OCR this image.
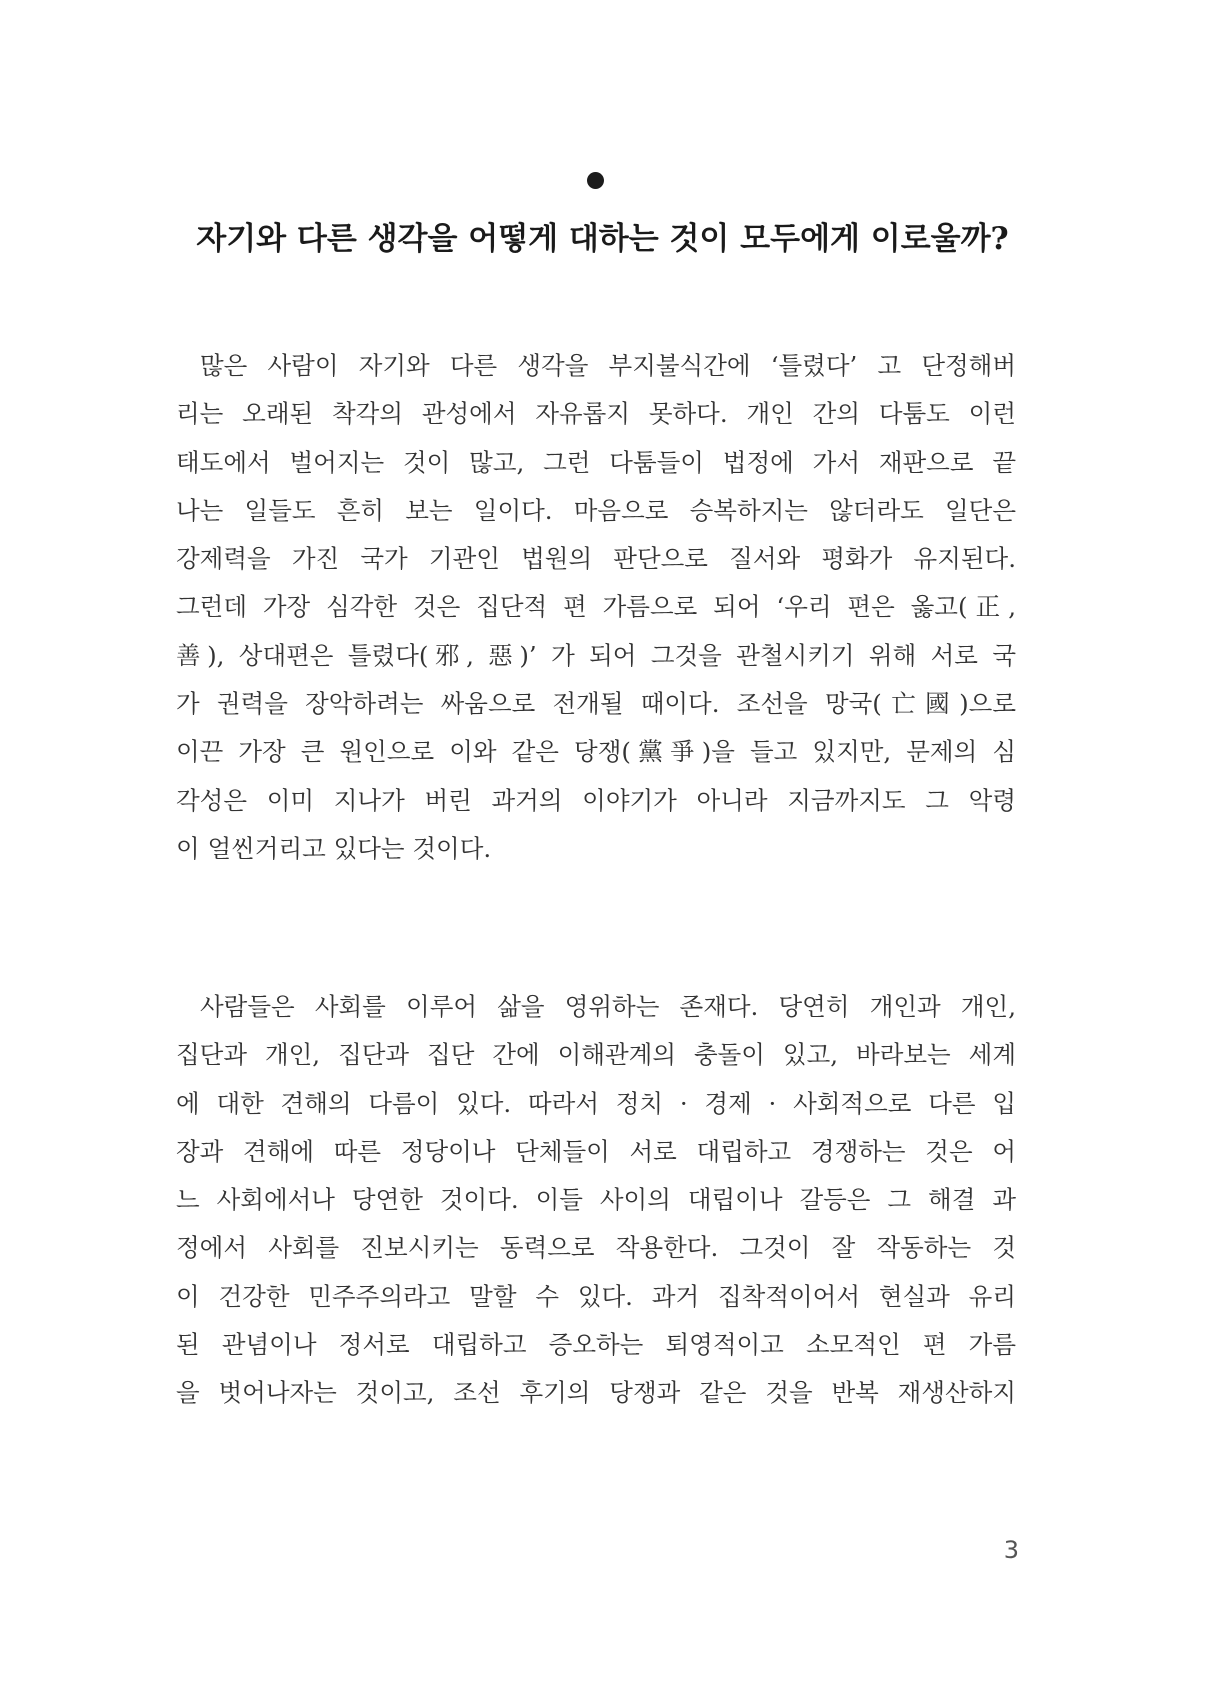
자기와 다른 생각을 어떻게 대하는 것이 모두에게 이로울까?
많은 사람이 자기와 다른 생각을 부지불식간에 ‘틀렸다’ 고 단정해버
리는 오래된 착각의 관성에서 자유롭지 못하다. 개인 간의 다툼도 이런
태도에서 벌어지는 것이 많고, 그런 다툼들이 법정에 가서 재판으로 끝
나는 일들도 흔히 보는 일이다. 마음으로 승복하지는 않더라도 일단은
강제력을 가진 국가 기관인 법원의 판단으로 질서와 평화가 유지된다.
그런데 가장 심각한 것은 집단적 편 가름으로 되어 ‘우리 편은 옳고(正,
善), 상대편은 틀렸다(邪, 惡)’ 가 되어 그것을 관철시키기 위해 서로 국
가 권력을 장악하려는 싸움으로 전개될 때이다. 조선을 망국(亡國)으로
이끈 가장 큰 원인으로 이와 같은 당쟁(黨爭)을 들고 있지만, 문제의 심
각성은 이미 지나가 버린 과거의 이야기가 아니라 지금까지도 그 악령
이 얼씬거리고 있다는 것이다.
사람들은 사회를 이루어 삶을 영위하는 존재다. 당연히 개인과 개인,
집단과 개인, 집단과 집단 간에 이해관계의 충돌이 있고, 바라보는 세계
에 대한 견해의 다름이 있다. 따라서 정치 · 경제 · 사회적으로 다른 입
장과 견해에 따른 정당이나 단체들이 서로 대립하고 경쟁하는 것은 어
느 사회에서나 당연한 것이다. 이들 사이의 대립이나 갈등은 그 해결 과
정에서 사회를 진보시키는 동력으로 작용한다. 그것이 잘 작동하는 것
이 건강한 민주주의라고 말할 수 있다. 과거 집착적이어서 현실과 유리
된 관념이나 정서로 대립하고 증오하는 퇴영적이고 소모적인 편 가름
을 벗어나자는 것이고, 조선 후기의 당쟁과 같은 것을 반복 재생산하지
3
